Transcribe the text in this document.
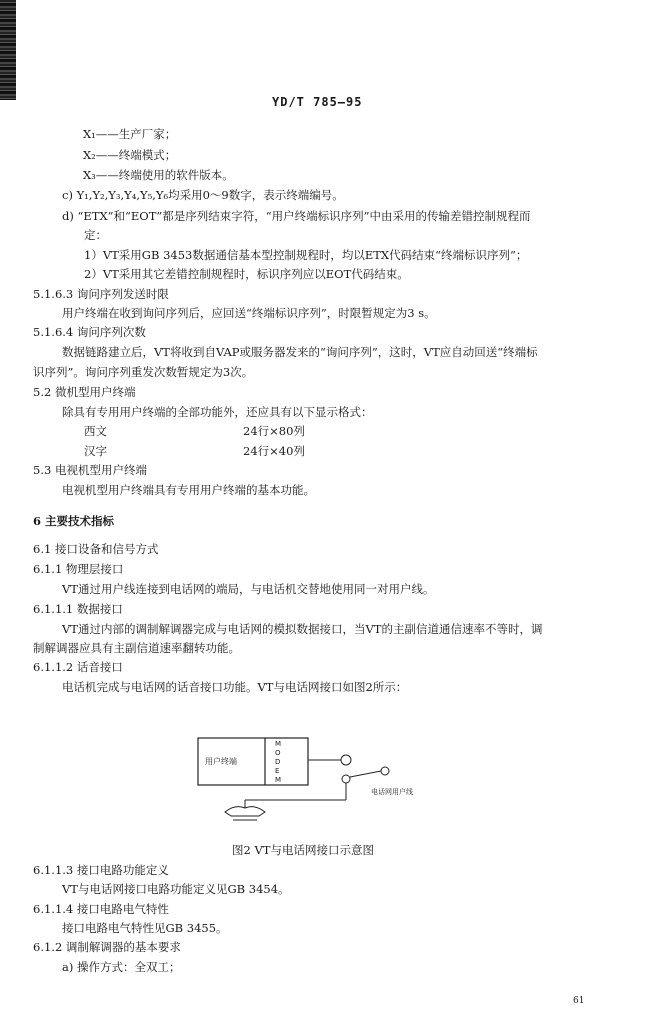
YD/T 785—95
X₁——生产厂家；
X₂——终端模式；
X₃——终端使用的软件版本。
c) Y₁,Y₂,Y₃,Y₄,Y₅,Y₆均采用0～9数字，表示终端编号。
d) “ETX”和“EOT”都是序列结束字符，“用户终端标识序列”中由采用的传输差错控制规程而
定：
1）VT采用GB 3453数据通信基本型控制规程时，均以ETX代码结束“终端标识序列”；
2）VT采用其它差错控制规程时，标识序列应以EOT代码结束。
5.1.6.3 询问序列发送时限
用户终端在收到询问序列后，应回送“终端标识序列”，时限暂规定为3 s。
5.1.6.4 询问序列次数
数据链路建立后，VT将收到自VAP或服务器发来的“询问序列”，这时，VT应自动回送“终端标
识序列”。询问序列重发次数暂规定为3次。
5.2 微机型用户终端
除具有专用用户终端的全部功能外，还应具有以下显示格式：
西文	24行×80列
汉字	24行×40列
5.3 电视机型用户终端
电视机型用户终端具有专用用户终端的基本功能。
6 主要技术指标
6.1 接口设备和信号方式
6.1.1 物理层接口
VT通过用户线连接到电话网的端局，与电话机交替地使用同一对用户线。
6.1.1.1 数据接口
VT通过内部的调制解调器完成与电话网的模拟数据接口，当VT的主副信道通信速率不等时，调
制解调器应具有主副信道速率翻转功能。
6.1.1.2 话音接口
电话机完成与电话网的话音接口功能。VT与电话网接口如图2所示：
用户终端
M
O
D
E
M
电话网用户线
图2 VT与电话网接口示意图
6.1.1.3 接口电路功能定义
VT与电话网接口电路功能定义见GB 3454。
6.1.1.4 接口电路电气特性
接口电路电气特性见GB 3455。
6.1.2 调制解调器的基本要求
a) 操作方式：全双工；
61
